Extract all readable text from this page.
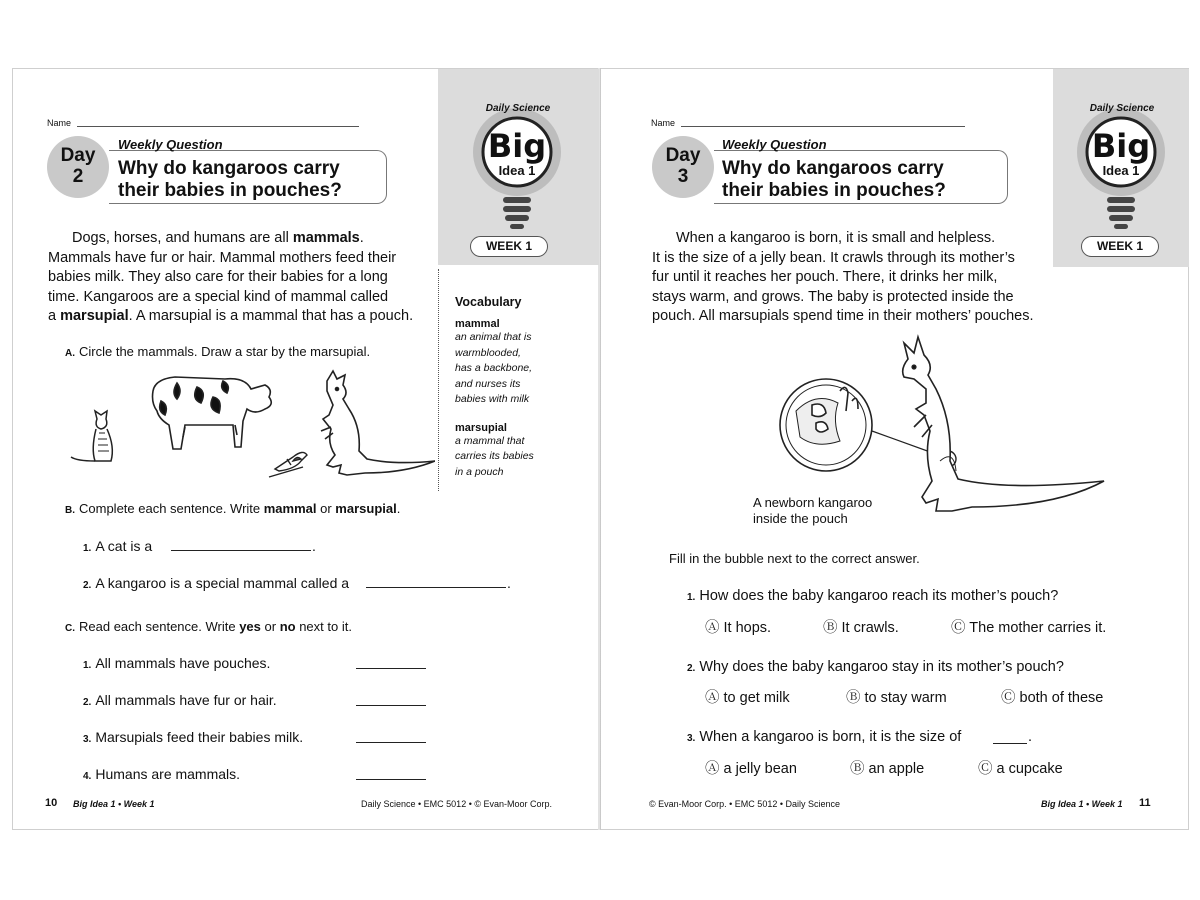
Daily Science
Big
Idea 1
WEEK 1
Name
Day
2
Weekly Question
Why do kangaroos carry
their babies in pouches?
Dogs, horses, and humans are all mammals.
Mammals have fur or hair. Mammal mothers feed their
babies milk. They also care for their babies for a long
time. Kangaroos are a special kind of mammal called
a marsupial. A marsupial is a mammal that has a pouch.
Vocabulary
mammal
an animal that is
warmblooded,
has a backbone,
and nurses its
babies with milk
marsupial
a mammal that
carries its babies
in a pouch
A. Circle the mammals. Draw a star by the marsupial.
B. Complete each sentence. Write mammal or marsupial.
1. A cat is a	.
2. A kangaroo is a special mammal called a	.
C. Read each sentence. Write yes or no next to it.
1. All mammals have pouches.
2. All mammals have fur or hair.
3. Marsupials feed their babies milk.
4. Humans are mammals.
10 Big Idea 1 • Week 1	Daily Science • EMC 5012 • © Evan-Moor Corp.
Daily Science
Big
Idea 1
WEEK 1
Name
Day
3
Weekly Question
Why do kangaroos carry
their babies in pouches?
When a kangaroo is born, it is small and helpless.
It is the size of a jelly bean. It crawls through its mother’s
fur until it reaches her pouch. There, it drinks her milk,
stays warm, and grows. The baby is protected inside the
pouch. All marsupials spend time in their mothers’ pouches.
A newborn kangaroo
inside the pouch
Fill in the bubble next to the correct answer.
1. How does the baby kangaroo reach its mother’s pouch?
Ⓐ It hops.	Ⓑ It crawls.	Ⓒ The mother carries it.
2. Why does the baby kangaroo stay in its mother’s pouch?
Ⓐ to get milk	Ⓑ to stay warm	Ⓒ both of these
3. When a kangaroo is born, it is the size of	.
Ⓐ a jelly bean	Ⓑ an apple	Ⓒ a cupcake
© Evan-Moor Corp. • EMC 5012 • Daily Science	Big Idea 1 • Week 1 11
